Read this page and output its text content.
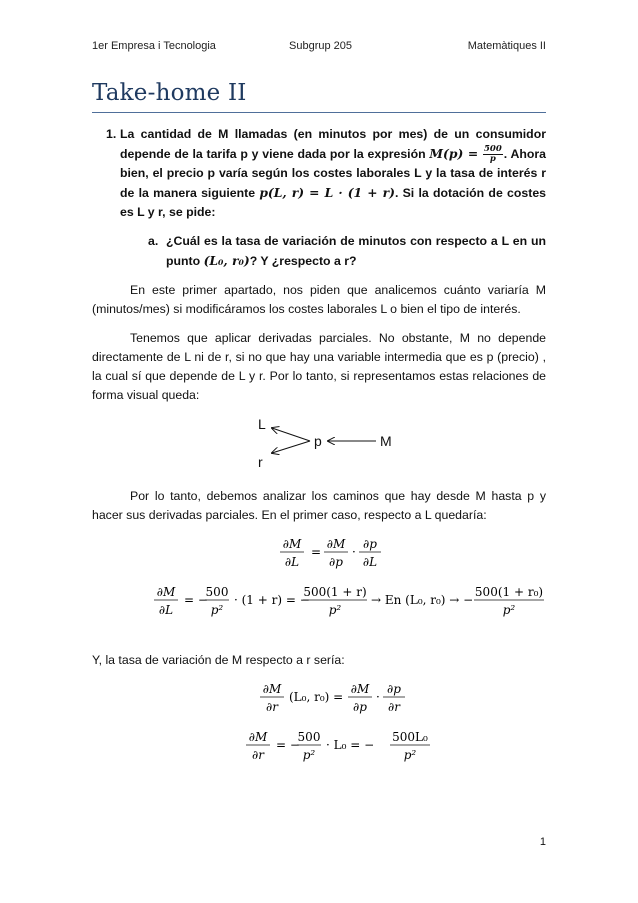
1er Empresa i Tecnologia	Subgrup 205	Matemàtiques II
Take-home II
1. La cantidad de M llamadas (en minutos por mes) de un consumidor depende de la tarifa p y viene dada por la expresión $M(p) = \frac{500}{p}$ . Ahora bien, el precio p varía según los costes laborales L y la tasa de interés r de la manera siguiente p(L, r) = L · (1 + r). Si la dotación de costes es L y r, se pide:
a. ¿Cuál es la tasa de variación de minutos con respecto a L en un punto (L₀, r₀)? Y ¿respecto a r?

En este primer apartado, nos piden que analicemos cuánto variaría M (minutos/mes) si modificáramos los costes laborales L o bien el tipo de interés.

Tenemos que aplicar derivadas parciales. No obstante, M no depende directamente de L ni de r, si no que hay una variable intermedia que es p (precio) , la cual sí que depende de L y r. Por lo tanto, si representamos estas relaciones de forma visual queda:

L
r
p	M

Por lo tanto, debemos analizar los caminos que hay desde M hasta p y hacer sus derivadas parciales. En el primer caso, respecto a L quedaría:

∂M
∂L
=
∂M
∂p
·
∂p
∂L
∂M
∂L
= −
500
p²
· (1 + r) = −
500(1 + r)
p²
→ En (L₀, r₀) → −
500(1 + r₀)
p²

Y, la tasa de variación de M respecto a r sería:

∂M
∂r
(L₀, r₀) =
∂M
∂p
·
∂p
∂r
∂M
∂r
= −
500
p²
· L₀ = −
500L₀
p²
1
